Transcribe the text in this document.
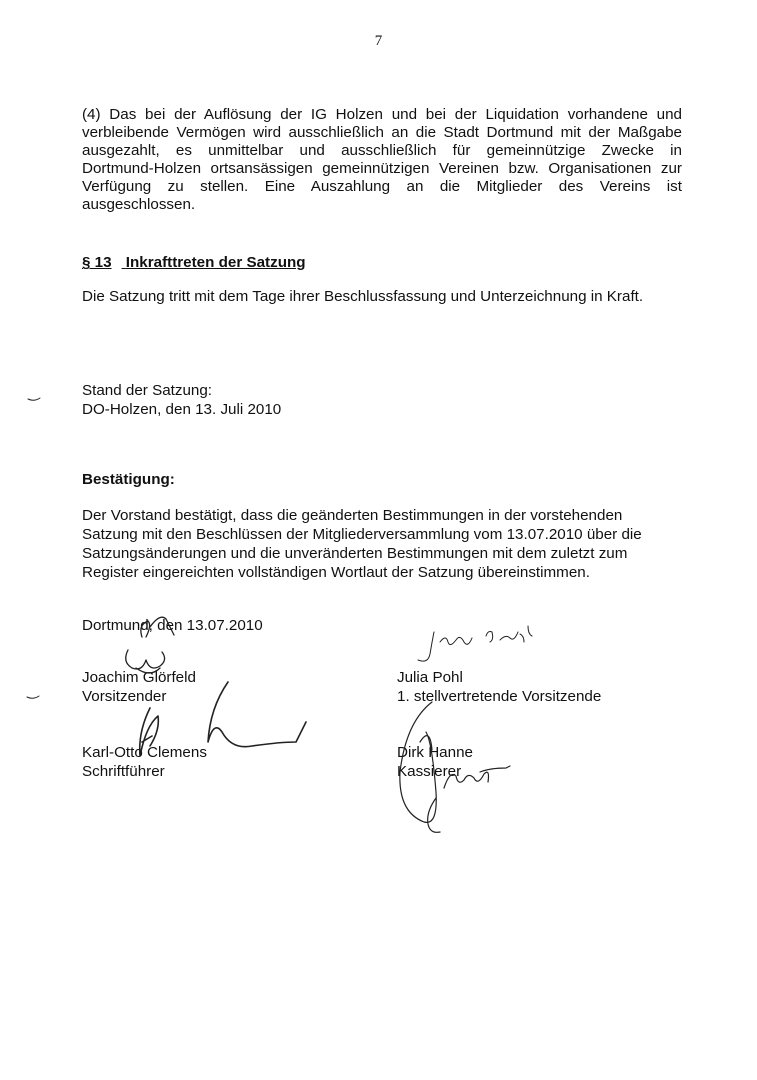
7
(4) Das bei der Auflösung der IG Holzen und bei der Liquidation vorhandene und
verbleibende Vermögen wird ausschließlich an die Stadt Dortmund mit der Maßgabe
ausgezahlt, es unmittelbar und ausschließlich für gemeinnützige Zwecke in
Dortmund-Holzen ortsansässigen gemeinnützigen Vereinen bzw. Organisationen zur
Verfügung zu stellen. Eine Auszahlung an die Mitglieder des Vereins ist
ausgeschlossen.
§ 13 Inkrafttreten der Satzung
Die Satzung tritt mit dem Tage ihrer Beschlussfassung und Unterzeichnung in Kraft.
Stand der Satzung:
DO-Holzen, den 13. Juli 2010
Bestätigung:
Der Vorstand bestätigt, dass die geänderten Bestimmungen in der vorstehenden
Satzung mit den Beschlüssen der Mitgliederversammlung vom 13.07.2010 über die
Satzungsänderungen und die unveränderten Bestimmungen mit dem zuletzt zum
Register eingereichten vollständigen Wortlaut der Satzung übereinstimmen.
Dortmund, den 13.07.2010
Joachim Glörfeld
Vorsitzender
Karl-Otto Clemens
Schriftführer
Julia Pohl
1. stellvertretende Vorsitzende
Dirk Hanne
Kassierer
